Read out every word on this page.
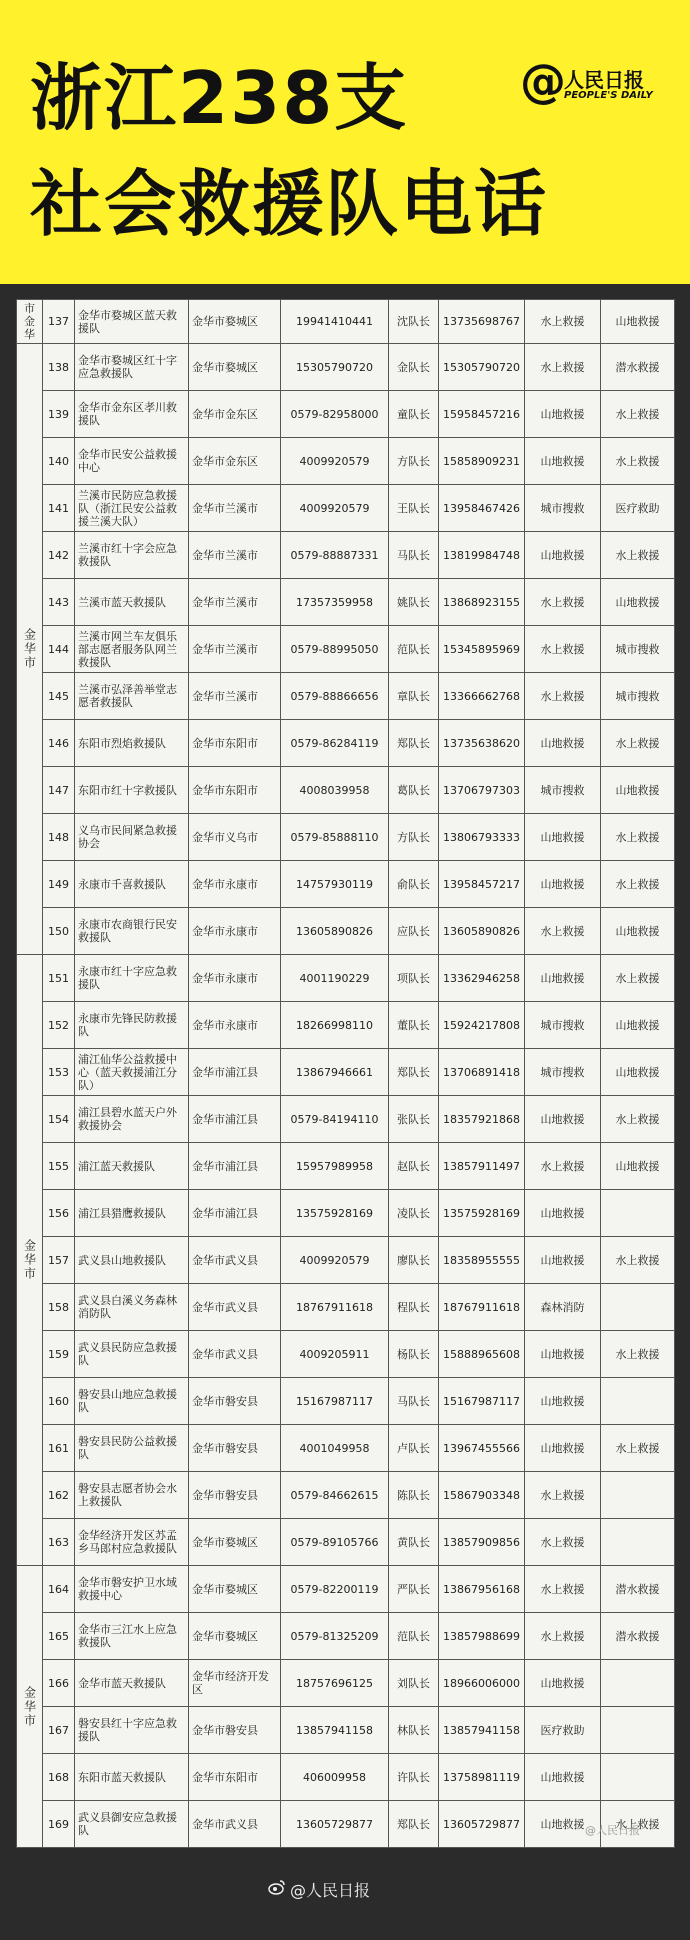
浙江238支
社会救援队电话
@
人民日报
PEOPLE'S DAILY
市 金华	137	金华市婺城区蓝天救援队	金华市婺城区	19941410441	沈队长	13735698767	水上救援	山地救援
金华市	138	金华市婺城区红十字应急救援队	金华市婺城区	15305790720	金队长	15305790720	水上救援	潜水救援
	139	金华市金东区孝川救援队	金华市金东区	0579-82958000	童队长	15958457216	山地救援	水上救援
	140	金华市民安公益救援中心	金华市金东区	4009920579	方队长	15858909231	山地救援	水上救援
	141	兰溪市民防应急救援队（浙江民安公益救援兰溪大队）	金华市兰溪市	4009920579	王队长	13958467426	城市搜救	医疗救助
	142	兰溪市红十字会应急救援队	金华市兰溪市	0579-88887331	马队长	13819984748	山地救援	水上救援
	143	兰溪市蓝天救援队	金华市兰溪市	17357359958	姚队长	13868923155	水上救援	山地救援
	144	兰溪市网兰车友俱乐部志愿者服务队网兰救援队	金华市兰溪市	0579-88995050	范队长	15345895969	水上救援	城市搜救
	145	兰溪市弘泽善举堂志愿者救援队	金华市兰溪市	0579-88866656	章队长	13366662768	水上救援	城市搜救
	146	东阳市烈焰救援队	金华市东阳市	0579-86284119	郑队长	13735638620	山地救援	水上救援
	147	东阳市红十字救援队	金华市东阳市	4008039958	葛队长	13706797303	城市搜救	山地救援
	148	义乌市民间紧急救援协会	金华市义乌市	0579-85888110	方队长	13806793333	山地救援	水上救援
	149	永康市千喜救援队	金华市永康市	14757930119	俞队长	13958457217	山地救援	水上救援
	150	永康市农商银行民安救援队	金华市永康市	13605890826	应队长	13605890826	水上救援	山地救援
金华市	151	永康市红十字应急救援队	金华市永康市	4001190229	项队长	13362946258	山地救援	水上救援
	152	永康市先锋民防救援队	金华市永康市	18266998110	董队长	15924217808	城市搜救	山地救援
	153	浦江仙华公益救援中心（蓝天救援浦江分队）	金华市浦江县	13867946661	郑队长	13706891418	城市搜救	山地救援
	154	浦江县碧水蓝天户外救援协会	金华市浦江县	0579-84194110	张队长	18357921868	山地救援	水上救援
	155	浦江蓝天救援队	金华市浦江县	15957989958	赵队长	13857911497	水上救援	山地救援
	156	浦江县猎鹰救援队	金华市浦江县	13575928169	凌队长	13575928169	山地救援	
	157	武义县山地救援队	金华市武义县	4009920579	廖队长	18358955555	山地救援	水上救援
	158	武义县白溪义务森林消防队	金华市武义县	18767911618	程队长	18767911618	森林消防	
	159	武义县民防应急救援队	金华市武义县	4009205911	杨队长	15888965608	山地救援	水上救援
	160	磐安县山地应急救援队	金华市磐安县	15167987117	马队长	15167987117	山地救援	
	161	磐安县民防公益救援队	金华市磐安县	4001049958	卢队长	13967455566	山地救援	水上救援
	162	磐安县志愿者协会水上救援队	金华市磐安县	0579-84662615	陈队长	15867903348	水上救援	
	163	金华经济开发区苏孟乡马郎村应急救援队	金华市婺城区	0579-89105766	黄队长	13857909856	水上救援	
金华市	164	金华市磐安护卫水域救援中心	金华市婺城区	0579-82200119	严队长	13867956168	水上救援	潜水救援
	165	金华市三江水上应急救援队	金华市婺城区	0579-81325209	范队长	13857988699	水上救援	潜水救援
	166	金华市蓝天救援队	金华市经济开发区	18757696125	刘队长	18966006000	山地救援	
	167	磐安县红十字应急救援队	金华市磐安县	13857941158	林队长	13857941158	医疗救助	
	168	东阳市蓝天救援队	金华市东阳市	406009958	许队长	13758981119	山地救援	
	169	武义县御安应急救援队	金华市武义县	13605729877	郑队长	13605729877	山地救援	水上救援
@人民日报
@人民日报
